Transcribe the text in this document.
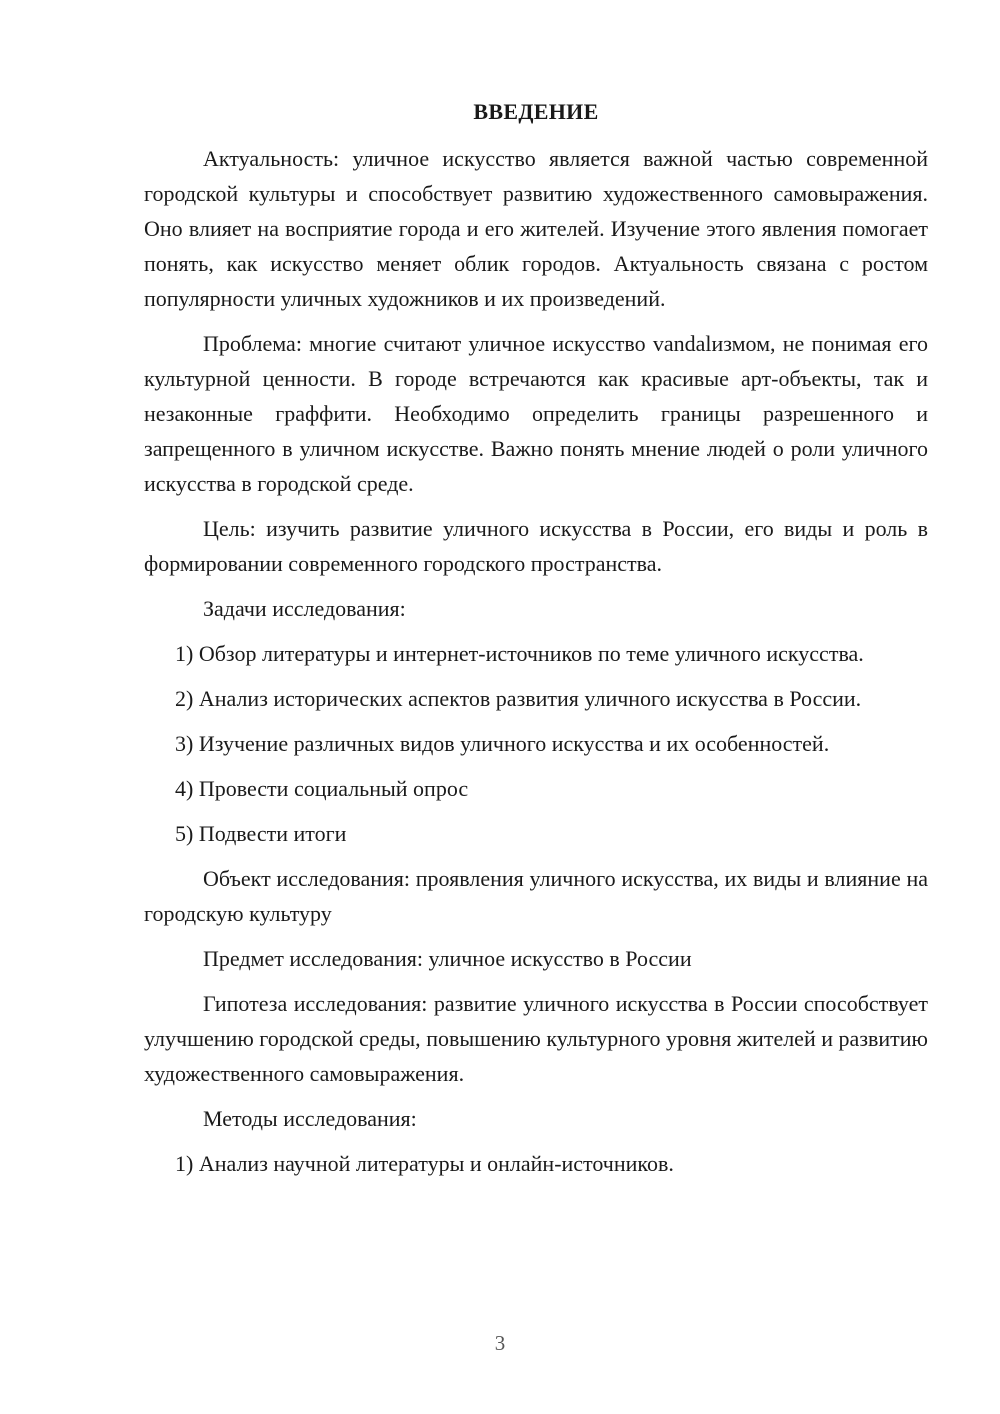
ВВЕДЕНИЕ

Актуальность: уличное искусство является важной частью современной городской культуры и способствует развитию художественного самовыражения. Оно влияет на восприятие города и его жителей. Изучение этого явления помогает понять, как искусство меняет облик городов. Актуальность связана с ростом популярности уличных художников и их произведений.

Проблема: многие считают уличное искусство vandalизмом, не понимая его культурной ценности. В городе встречаются как красивые арт-объекты, так и незаконные граффити. Необходимо определить границы разрешенного и запрещенного в уличном искусстве. Важно понять мнение людей о роли уличного искусства в городской среде.

Цель: изучить развитие уличного искусства в России, его виды и роль в формировании современного городского пространства.

Задачи исследования:

1) Обзор литературы и интернет-источников по теме уличного искусства.

2) Анализ исторических аспектов развития уличного искусства в России.

3) Изучение различных видов уличного искусства и их особенностей.

4) Провести социальный опрос

5) Подвести итоги

Объект исследования: проявления уличного искусства, их виды и влияние на городскую культуру

Предмет исследования: уличное искусство в России

Гипотеза исследования: развитие уличного искусства в России способствует улучшению городской среды, повышению культурного уровня жителей и развитию художественного самовыражения.

Методы исследования:

1) Анализ научной литературы и онлайн-источников.

3
